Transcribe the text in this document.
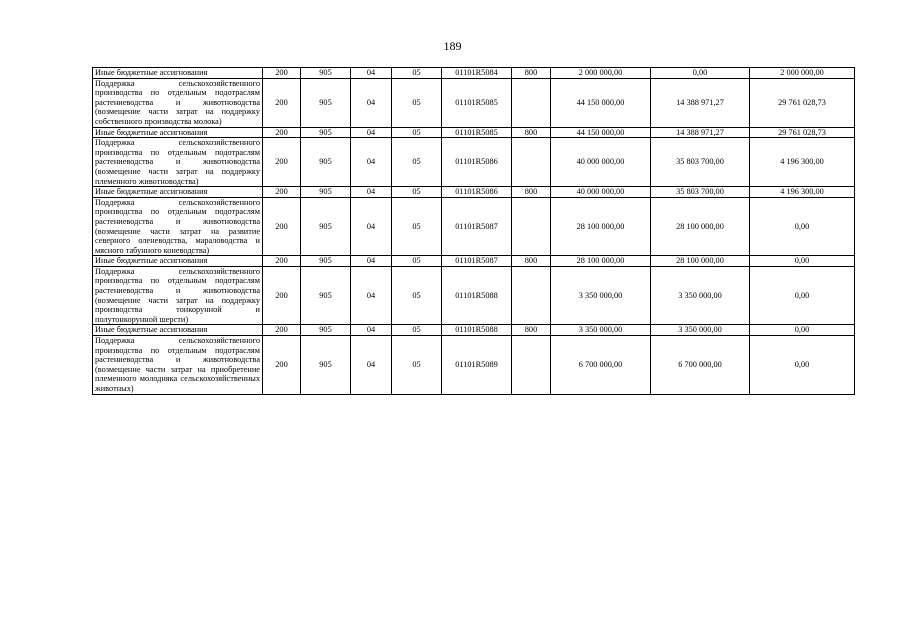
189
Иные бюджетные ассигнования	200	905	04	05	01101R5084	800	2 000 000,00	0,00	2 000 000,00
Поддержка сельскохозяйственного производства по отдельным подотраслям растениеводства и животноводства (возмещение части затрат на поддержку собственного производства молока)	200	905	04	05	01101R5085		44 150 000,00	14 388 971,27	29 761 028,73
Иные бюджетные ассигнования	200	905	04	05	01101R5085	800	44 150 000,00	14 388 971,27	29 761 028,73
Поддержка сельскохозяйственного производства по отдельным подотраслям растениеводства и животноводства (возмещение части затрат на поддержку племенного животноводства)	200	905	04	05	01101R5086		40 000 000,00	35 803 700,00	4 196 300,00
Иные бюджетные ассигнования	200	905	04	05	01101R5086	800	40 000 000,00	35 803 700,00	4 196 300,00
Поддержка сельскохозяйственного производства по отдельным подотраслям растениеводства и животноводства (возмещение части затрат на развитие северного оленеводства, мараловодства и мясного табунного коневодства)	200	905	04	05	01101R5087		28 100 000,00	28 100 000,00	0,00
Иные бюджетные ассигнования	200	905	04	05	01101R5087	800	28 100 000,00	28 100 000,00	0,00
Поддержка сельскохозяйственного производства по отдельным подотраслям растениеводства и животноводства (возмещение части затрат на поддержку производства тонкорунной и полутонкорунной шерсти)	200	905	04	05	01101R5088		3 350 000,00	3 350 000,00	0,00
Иные бюджетные ассигнования	200	905	04	05	01101R5088	800	3 350 000,00	3 350 000,00	0,00
Поддержка сельскохозяйственного производства по отдельным подотраслям растениеводства и животноводства (возмещение части затрат на приобретение племенного молодняка сельскохозяйственных животных)	200	905	04	05	01101R5089		6 700 000,00	6 700 000,00	0,00
